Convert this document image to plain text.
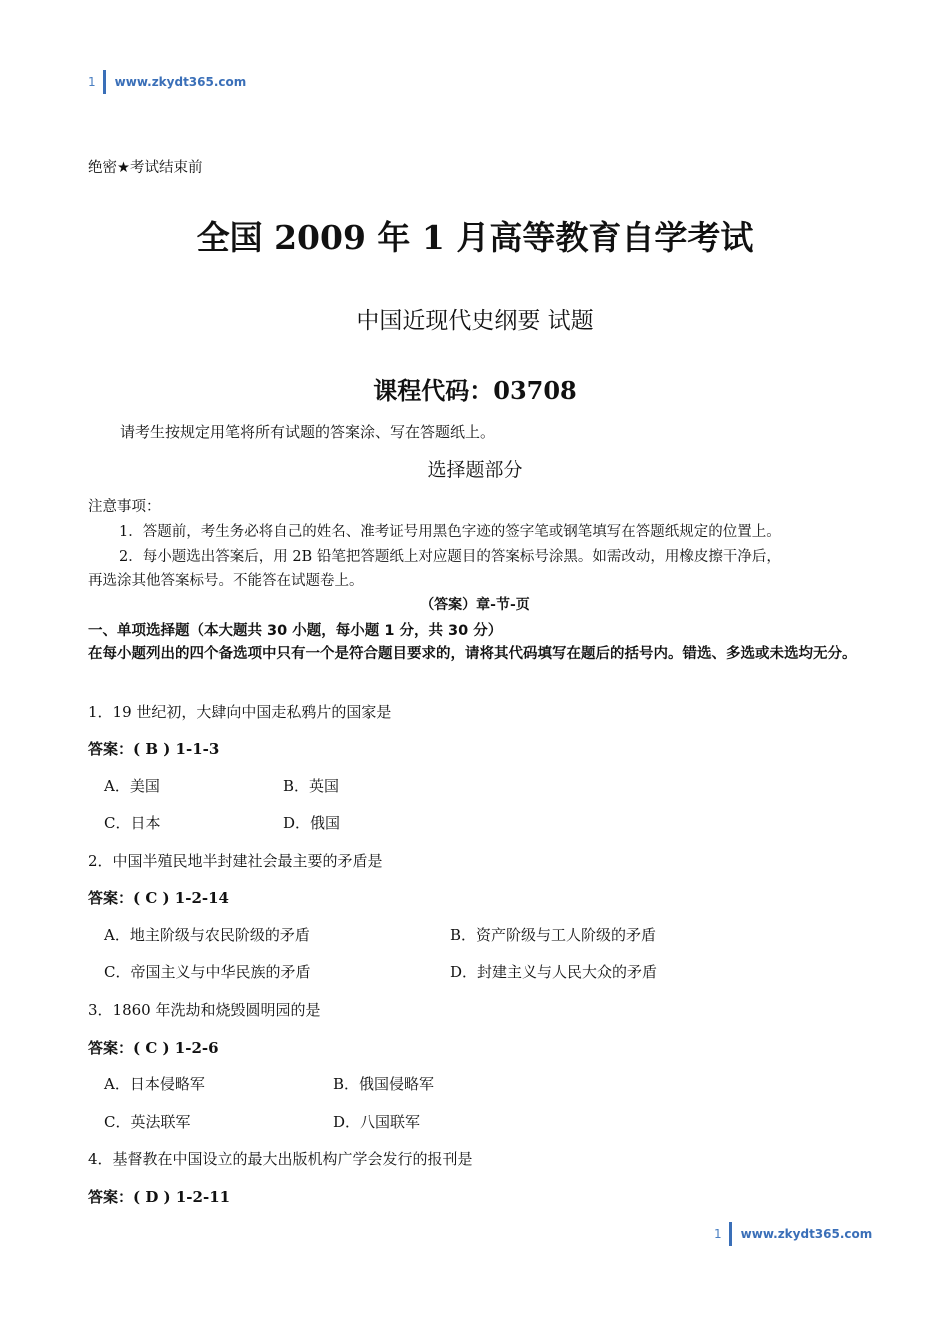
1 www.zkydt365.com
绝密★考试结束前
全国 2009 年 1 月高等教育自学考试
中国近现代史纲要 试题
课程代码：03708
请考生按规定用笔将所有试题的答案涂、写在答题纸上。
选择题部分
注意事项：
1．答题前，考生务必将自己的姓名、准考证号用黑色字迹的签字笔或钢笔填写在答题纸规定的位置上。
2．每小题选出答案后，用 2B 铅笔把答题纸上对应题目的答案标号涂黑。如需改动，用橡皮擦干净后，
再选涂其他答案标号。不能答在试题卷上。
（答案）章-节-页
一、单项选择题（本大题共 30 小题，每小题 1 分，共 30 分）
在每小题列出的四个备选项中只有一个是符合题目要求的，请将其代码填写在题后的括号内。错选、多选或未选均无分。
1．19 世纪初，大肆向中国走私鸦片的国家是
答案：( B ) 1-1-3
A．美国	B．英国
C．日本	D．俄国
2．中国半殖民地半封建社会最主要的矛盾是
答案：( C ) 1-2-14
A．地主阶级与农民阶级的矛盾	B．资产阶级与工人阶级的矛盾
C．帝国主义与中华民族的矛盾	D．封建主义与人民大众的矛盾
3．1860 年洗劫和烧毁圆明园的是
答案：( C ) 1-2-6
A．日本侵略军	B．俄国侵略军
C．英法联军	D．八国联军
4．基督教在中国设立的最大出版机构广学会发行的报刊是
答案：( D ) 1-2-11
1 www.zkydt365.com
